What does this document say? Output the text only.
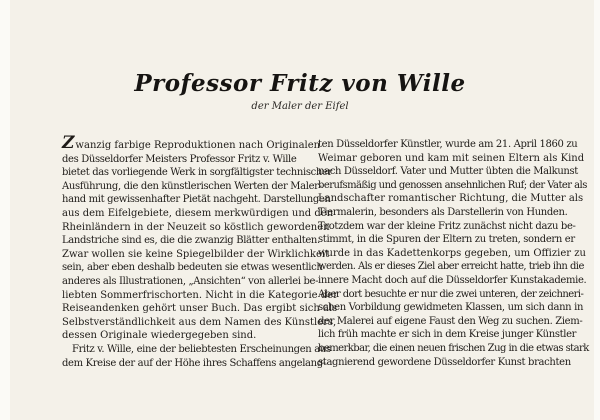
Professor Fritz von Wille
der Maler der Eifel
Zwanzig farbige Reproduktionen nach Originalen
des Düsseldorfer Meisters Professor Fritz v. Wille
bietet das vorliegende Werk in sorgfältigster technischer
Ausführung, die den künstlerischen Werten der Maler-
hand mit gewissenhafter Pietät nachgeht. Darstellungen
aus dem Eifelgebiete, diesem merkwürdigen und den
Rheinländern in der Neuzeit so köstlich gewordenen
Landstriche sind es, die die zwanzig Blätter enthalten.
Zwar wollen sie keine Spiegelbilder der Wirklichkeit
sein, aber eben deshalb bedeuten sie etwas wesentlich
anderes als Illustrationen, „Ansichten“ von allerlei be-
liebten Sommerfrischorten. Nicht in die Kategorie der
Reiseandenken gehört unser Buch. Das ergibt sich als
Selbstverständlichkeit aus dem Namen des Künstlers,
dessen Originale wiedergegeben sind.
Fritz v. Wille, eine der beliebtesten Erscheinungen aus
dem Kreise der auf der Höhe ihres Schaffens angelang-
ten Düsseldorfer Künstler, wurde am 21. April 1860 zu
Weimar geboren und kam mit seinen Eltern als Kind
nach Düsseldorf. Vater und Mutter übten die Malkunst
berufsmäßig und genossen ansehnlichen Ruf; der Vater als
Landschafter romantischer Richtung, die Mutter als
Tiermalerin, besonders als Darstellerin von Hunden.
Trotzdem war der kleine Fritz zunächst nicht dazu be-
stimmt, in die Spuren der Eltern zu treten, sondern er
wurde in das Kadettenkorps gegeben, um Offizier zu
werden. Als er dieses Ziel aber erreicht hatte, trieb ihn die
innere Macht doch auf die Düsseldorfer Kunstakademie.
Aber dort besuchte er nur die zwei unteren, der zeichneri-
schen Vorbildung gewidmeten Klassen, um sich dann in
der Malerei auf eigene Faust den Weg zu suchen. Ziem-
lich früh machte er sich in dem Kreise junger Künstler
bemerkbar, die einen neuen frischen Zug in die etwas stark
stagnierend gewordene Düsseldorfer Kunst brachten
